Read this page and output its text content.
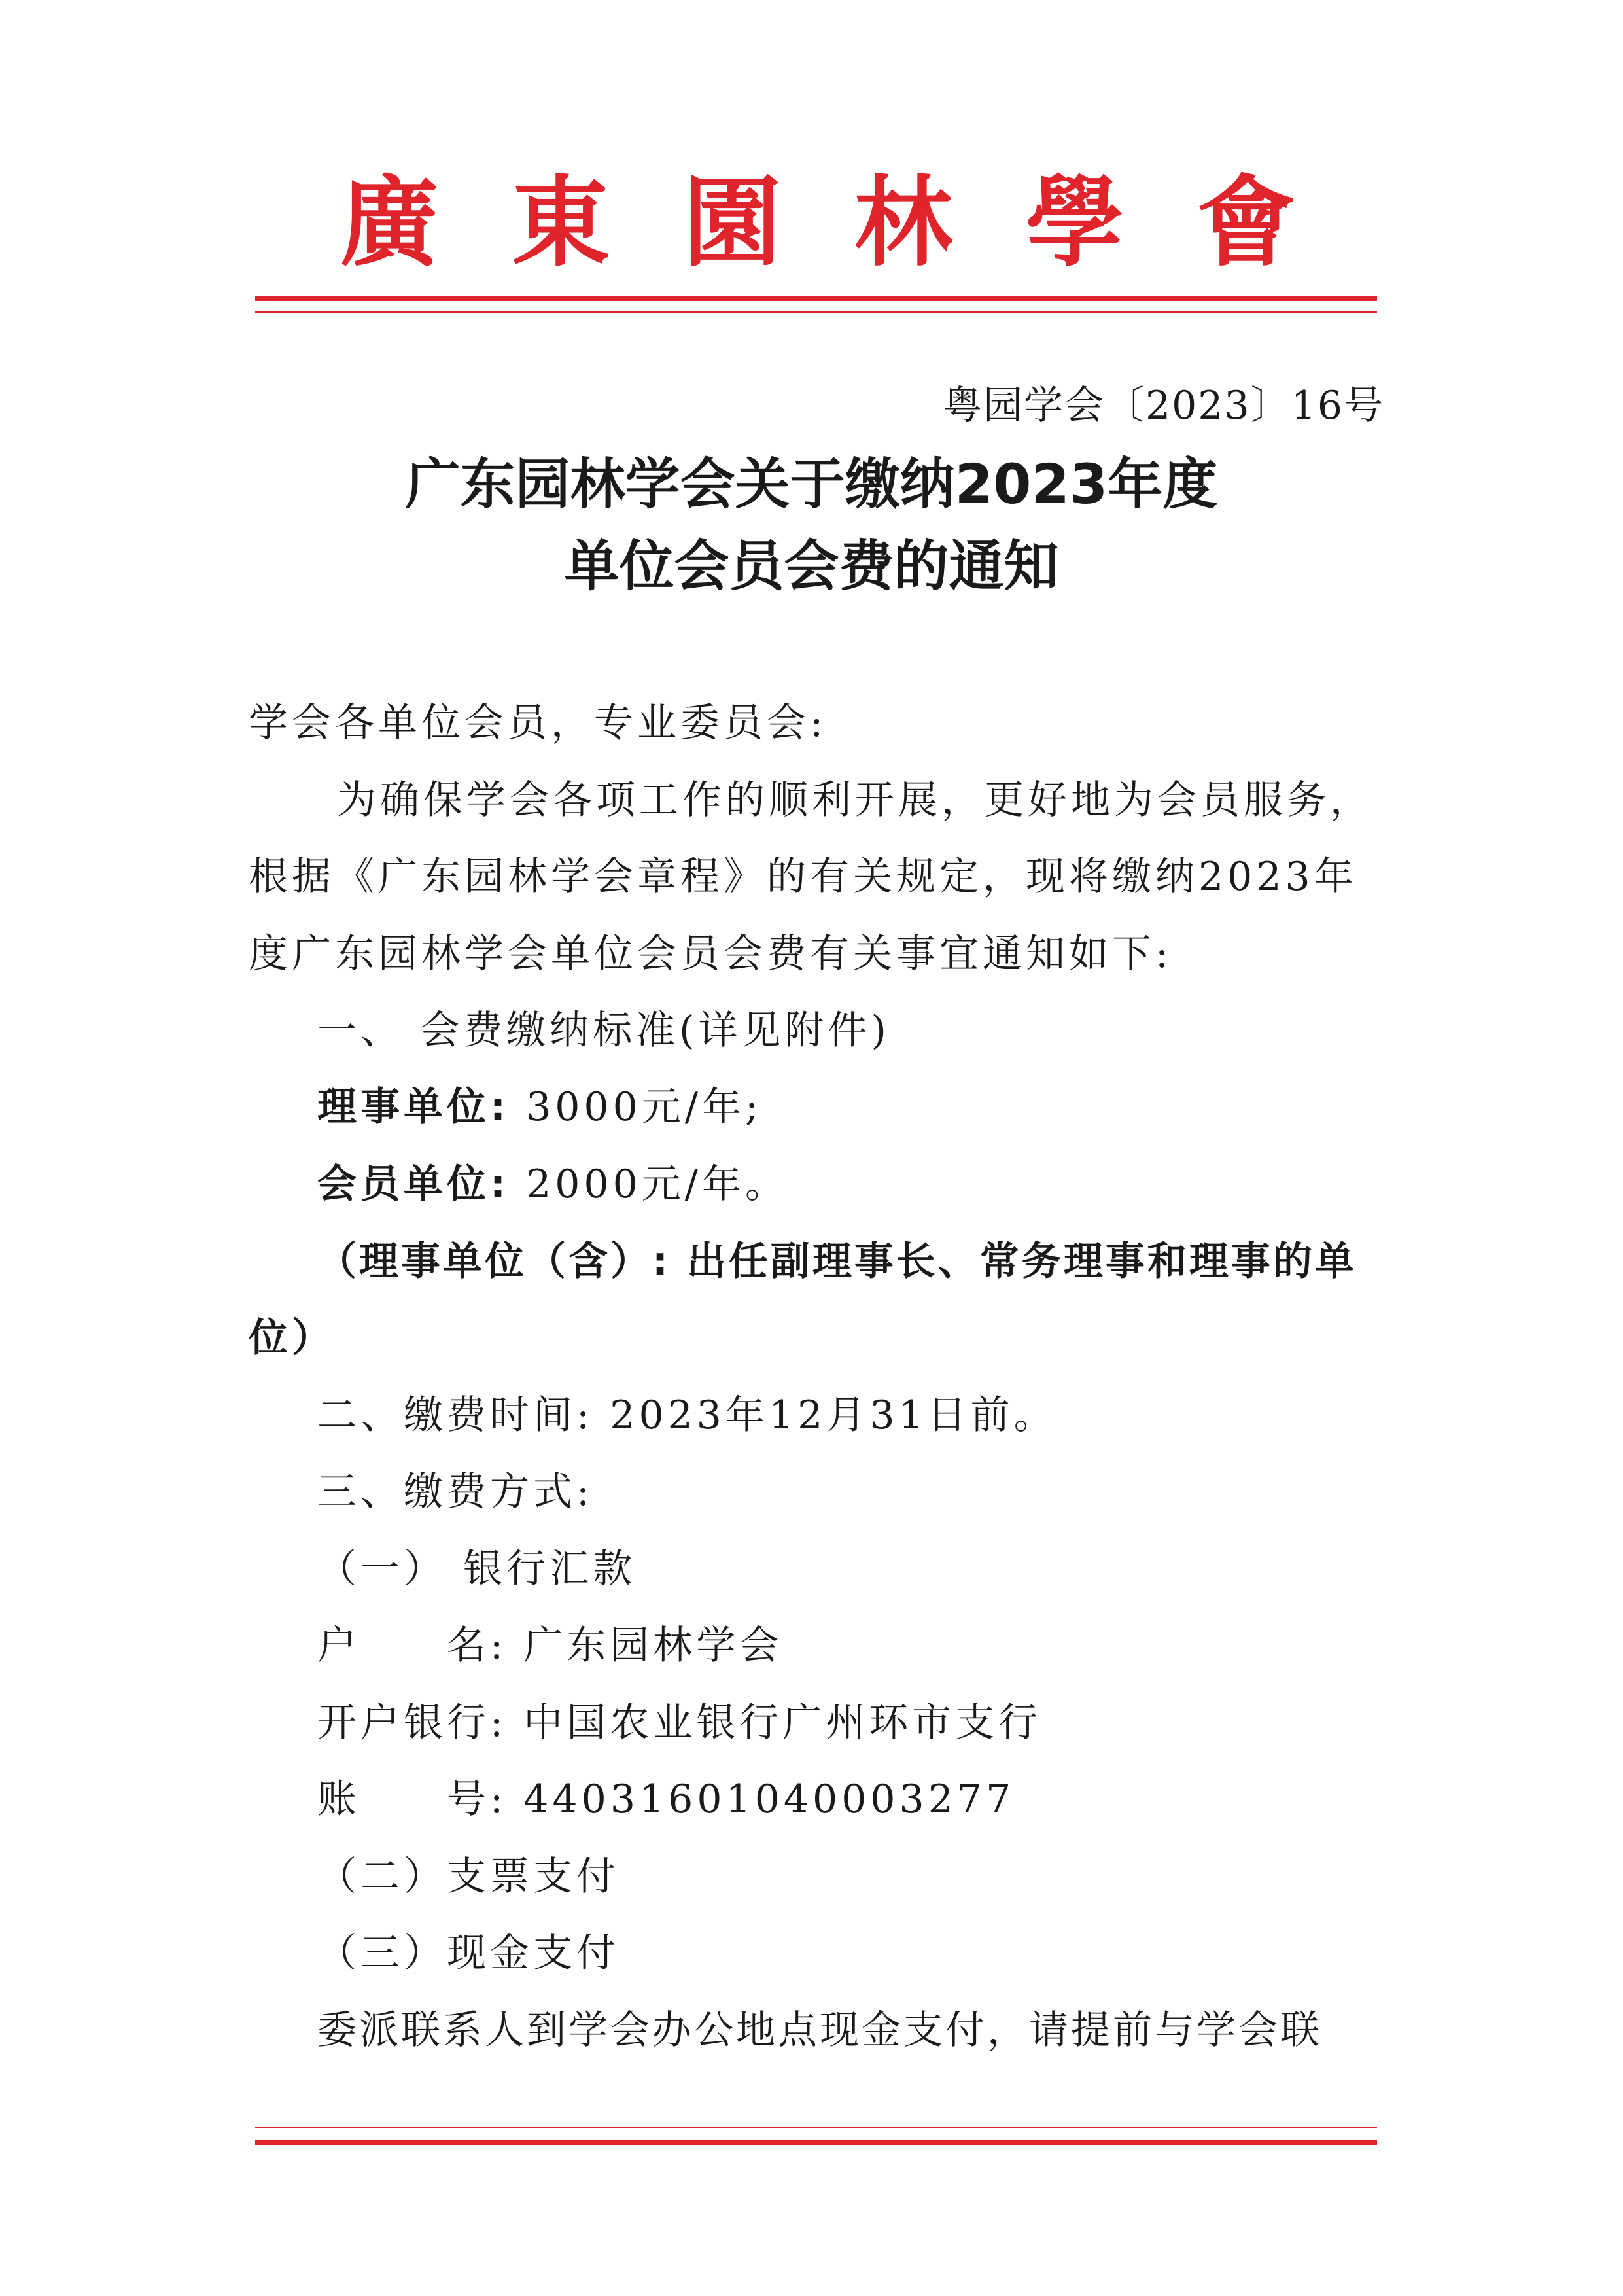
廣 東 園 林 學 會
粤园学会〔2023〕16号
广东园林学会关于缴纳2023年度
单位会员会费的通知
学会各单位会员，专业委员会:
为确保学会各项工作的顺利开展，更好地为会员服务，
根据《广东园林学会章程》的有关规定，现将缴纳2023年
度广东园林学会单位会员会费有关事宜通知如下:
一、 会费缴纳标准(详见附件)
理事单位: 3000元/年;
会员单位: 2000元/年。
（理事单位（含）: 出任副理事长、常务理事和理事的单
位）
二、缴费时间: 2023年12月31日前。
三、缴费方式:
（一） 银行汇款
户　　名: 广东园林学会
开户银行: 中国农业银行广州环市支行
账　　号: 44031601040003277
（二）支票支付
（三）现金支付
委派联系人到学会办公地点现金支付，请提前与学会联
